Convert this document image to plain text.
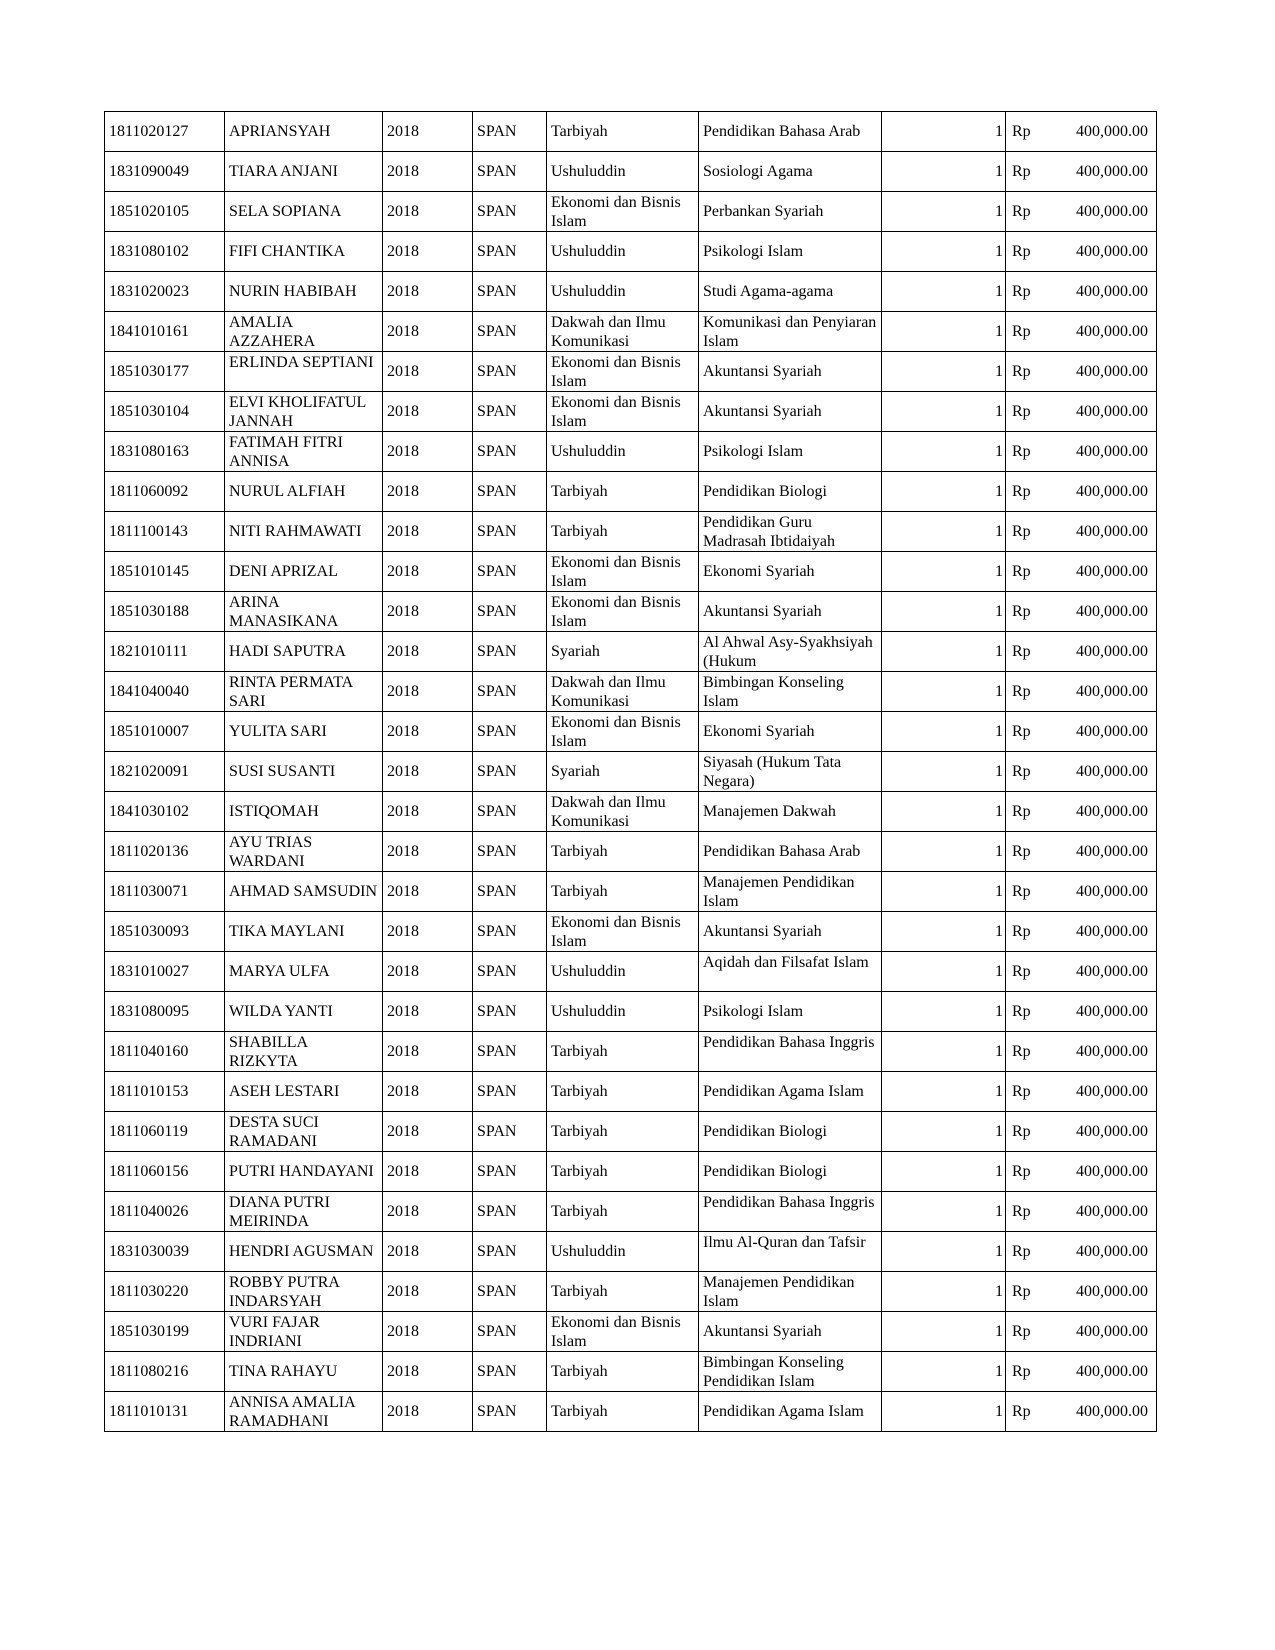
1811020127	APRIANSYAH	2018	SPAN	Tarbiyah	Pendidikan Bahasa Arab	1	Rp	400,000.00
1831090049	TIARA ANJANI	2018	SPAN	Ushuluddin	Sosiologi Agama	1	Rp	400,000.00
1851020105	SELA SOPIANA	2018	SPAN	Ekonomi dan Bisnis Islam	Perbankan Syariah	1	Rp	400,000.00
1831080102	FIFI CHANTIKA	2018	SPAN	Ushuluddin	Psikologi Islam	1	Rp	400,000.00
1831020023	NURIN HABIBAH	2018	SPAN	Ushuluddin	Studi Agama-agama	1	Rp	400,000.00
1841010161	AMALIA AZZAHERA	2018	SPAN	Dakwah dan Ilmu Komunikasi	Komunikasi dan Penyiaran Islam	1	Rp	400,000.00
1851030177	ERLINDA SEPTIANI	2018	SPAN	Ekonomi dan Bisnis Islam	Akuntansi Syariah	1	Rp	400,000.00
1851030104	ELVI KHOLIFATUL JANNAH	2018	SPAN	Ekonomi dan Bisnis Islam	Akuntansi Syariah	1	Rp	400,000.00
1831080163	FATIMAH FITRI ANNISA	2018	SPAN	Ushuluddin	Psikologi Islam	1	Rp	400,000.00
1811060092	NURUL ALFIAH	2018	SPAN	Tarbiyah	Pendidikan Biologi	1	Rp	400,000.00
1811100143	NITI RAHMAWATI	2018	SPAN	Tarbiyah	Pendidikan Guru Madrasah Ibtidaiyah	1	Rp	400,000.00
1851010145	DENI APRIZAL	2018	SPAN	Ekonomi dan Bisnis Islam	Ekonomi Syariah	1	Rp	400,000.00
1851030188	ARINA MANASIKANA	2018	SPAN	Ekonomi dan Bisnis Islam	Akuntansi Syariah	1	Rp	400,000.00
1821010111	HADI SAPUTRA	2018	SPAN	Syariah	Al Ahwal Asy-Syakhsiyah (Hukum	1	Rp	400,000.00
1841040040	RINTA PERMATA SARI	2018	SPAN	Dakwah dan Ilmu Komunikasi	Bimbingan Konseling Islam	1	Rp	400,000.00
1851010007	YULITA SARI	2018	SPAN	Ekonomi dan Bisnis Islam	Ekonomi Syariah	1	Rp	400,000.00
1821020091	SUSI SUSANTI	2018	SPAN	Syariah	Siyasah (Hukum Tata Negara)	1	Rp	400,000.00
1841030102	ISTIQOMAH	2018	SPAN	Dakwah dan Ilmu Komunikasi	Manajemen Dakwah	1	Rp	400,000.00
1811020136	AYU TRIAS WARDANI	2018	SPAN	Tarbiyah	Pendidikan Bahasa Arab	1	Rp	400,000.00
1811030071	AHMAD SAMSUDIN	2018	SPAN	Tarbiyah	Manajemen Pendidikan Islam	1	Rp	400,000.00
1851030093	TIKA MAYLANI	2018	SPAN	Ekonomi dan Bisnis Islam	Akuntansi Syariah	1	Rp	400,000.00
1831010027	MARYA ULFA	2018	SPAN	Ushuluddin	Aqidah dan Filsafat Islam	1	Rp	400,000.00
1831080095	WILDA YANTI	2018	SPAN	Ushuluddin	Psikologi Islam	1	Rp	400,000.00
1811040160	SHABILLA RIZKYTA	2018	SPAN	Tarbiyah	Pendidikan Bahasa Inggris	1	Rp	400,000.00
1811010153	ASEH LESTARI	2018	SPAN	Tarbiyah	Pendidikan Agama Islam	1	Rp	400,000.00
1811060119	DESTA SUCI RAMADANI	2018	SPAN	Tarbiyah	Pendidikan Biologi	1	Rp	400,000.00
1811060156	PUTRI HANDAYANI	2018	SPAN	Tarbiyah	Pendidikan Biologi	1	Rp	400,000.00
1811040026	DIANA PUTRI MEIRINDA	2018	SPAN	Tarbiyah	Pendidikan Bahasa Inggris	1	Rp	400,000.00
1831030039	HENDRI AGUSMAN	2018	SPAN	Ushuluddin	Ilmu Al-Quran dan Tafsir	1	Rp	400,000.00
1811030220	ROBBY PUTRA INDARSYAH	2018	SPAN	Tarbiyah	Manajemen Pendidikan Islam	1	Rp	400,000.00
1851030199	VURI FAJAR INDRIANI	2018	SPAN	Ekonomi dan Bisnis Islam	Akuntansi Syariah	1	Rp	400,000.00
1811080216	TINA RAHAYU	2018	SPAN	Tarbiyah	Bimbingan Konseling Pendidikan Islam	1	Rp	400,000.00
1811010131	ANNISA AMALIA RAMADHANI	2018	SPAN	Tarbiyah	Pendidikan Agama Islam	1	Rp	400,000.00
